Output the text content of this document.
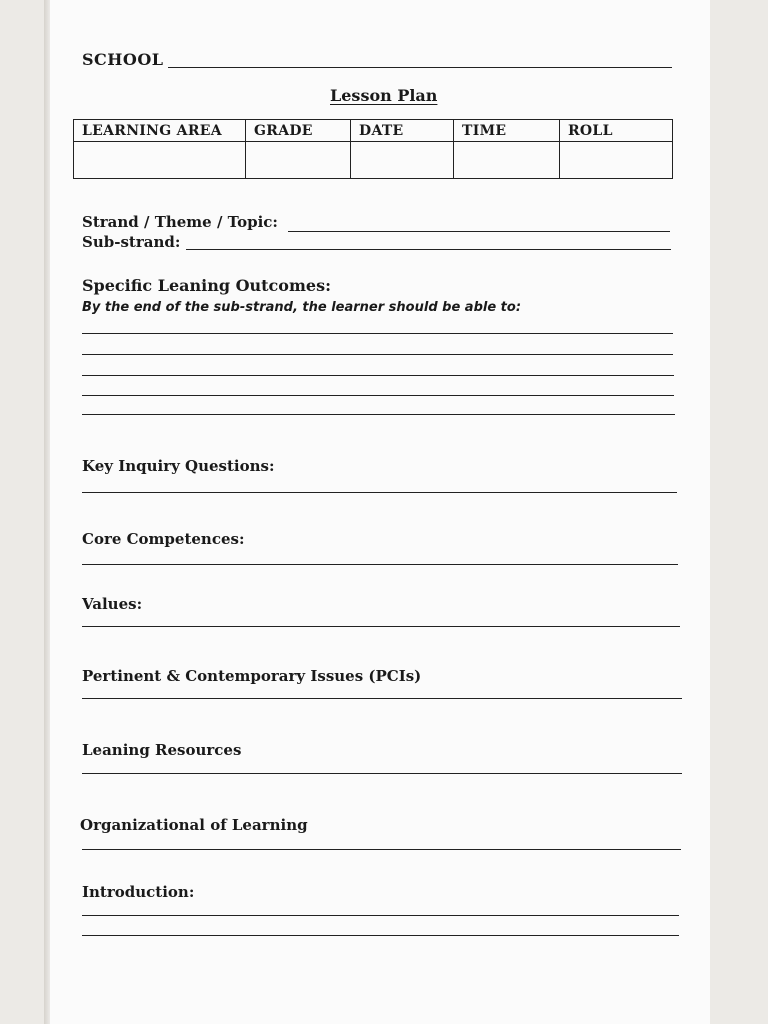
SCHOOL
Lesson Plan
LEARNING AREA	GRADE	DATE	TIME	ROLL

Strand / Theme / Topic:
Sub-strand:
Specific Leaning Outcomes:
By the end of the sub-strand, the learner should be able to:
Key Inquiry Questions:
Core Competences:
Values:
Pertinent & Contemporary Issues (PCIs)
Leaning Resources
Organizational of Learning
Introduction:
